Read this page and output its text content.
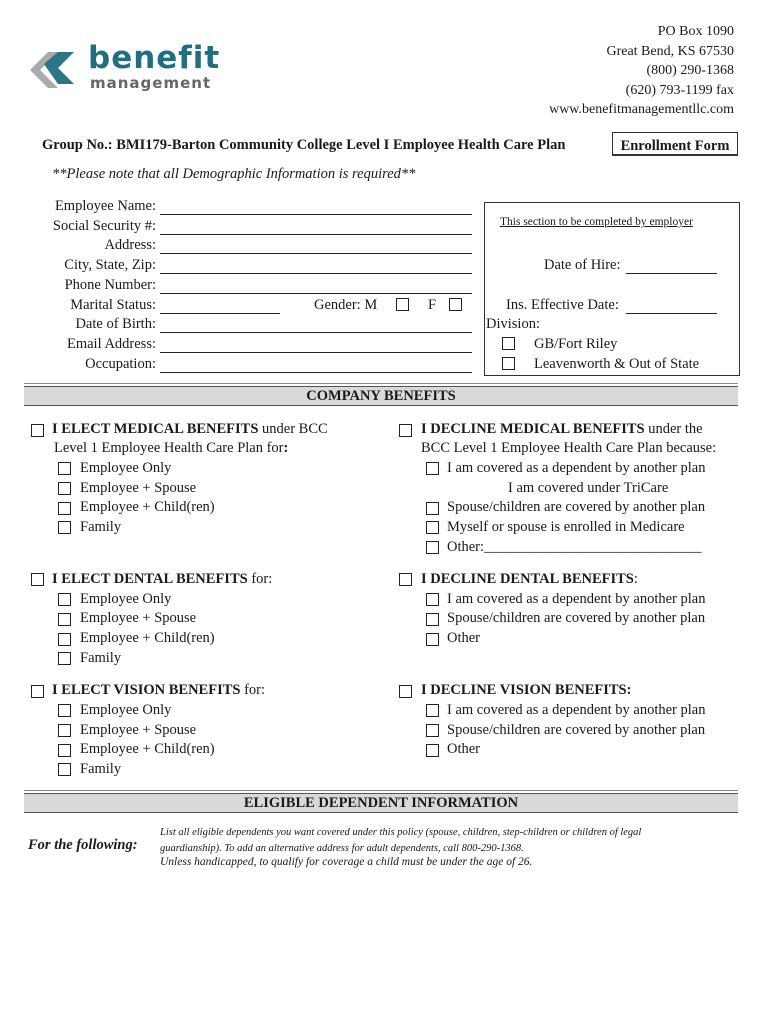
benefit
management
PO Box 1090
Great Bend, KS 67530
(800) 290-1368
(620) 793-1199 fax
www.benefitmanagementllc.com
Group No.: BMI179-Barton Community College Level I Employee Health Care Plan	Enrollment Form
**Please note that all Demographic Information is required**
Employee Name:
Social Security #:
Address:
City, State, Zip:
Phone Number:
Marital Status:	Gender: M	F
Date of Birth:
Email Address:
Occupation:
This section to be completed by employer
Date of Hire:
Ins. Effective Date:
Division:
GB/Fort Riley
Leavenworth & Out of State
COMPANY BENEFITS
I ELECT MEDICAL BENEFITS under BCC
Level 1 Employee Health Care Plan for:
Employee Only
Employee + Spouse
Employee + Child(ren)
Family
I DECLINE MEDICAL BENEFITS under the
BCC Level 1 Employee Health Care Plan because:
I am covered as a dependent by another plan
I am covered under TriCare
Spouse/children are covered by another plan
Myself or spouse is enrolled in Medicare
Other:______________________________
I ELECT DENTAL BENEFITS for:
Employee Only
Employee + Spouse
Employee + Child(ren)
Family
I DECLINE DENTAL BENEFITS:
I am covered as a dependent by another plan
Spouse/children are covered by another plan
Other
I ELECT VISION BENEFITS for:
Employee Only
Employee + Spouse
Employee + Child(ren)
Family
I DECLINE VISION BENEFITS:
I am covered as a dependent by another plan
Spouse/children are covered by another plan
Other
ELIGIBLE DEPENDENT INFORMATION
For the following:
List all eligible dependents you want covered under this policy (spouse, children, step-children or children of legal
guardianship). To add an alternative address for adult dependents, call 800-290-1368.
Unless handicapped, to qualify for coverage a child must be under the age of 26.
